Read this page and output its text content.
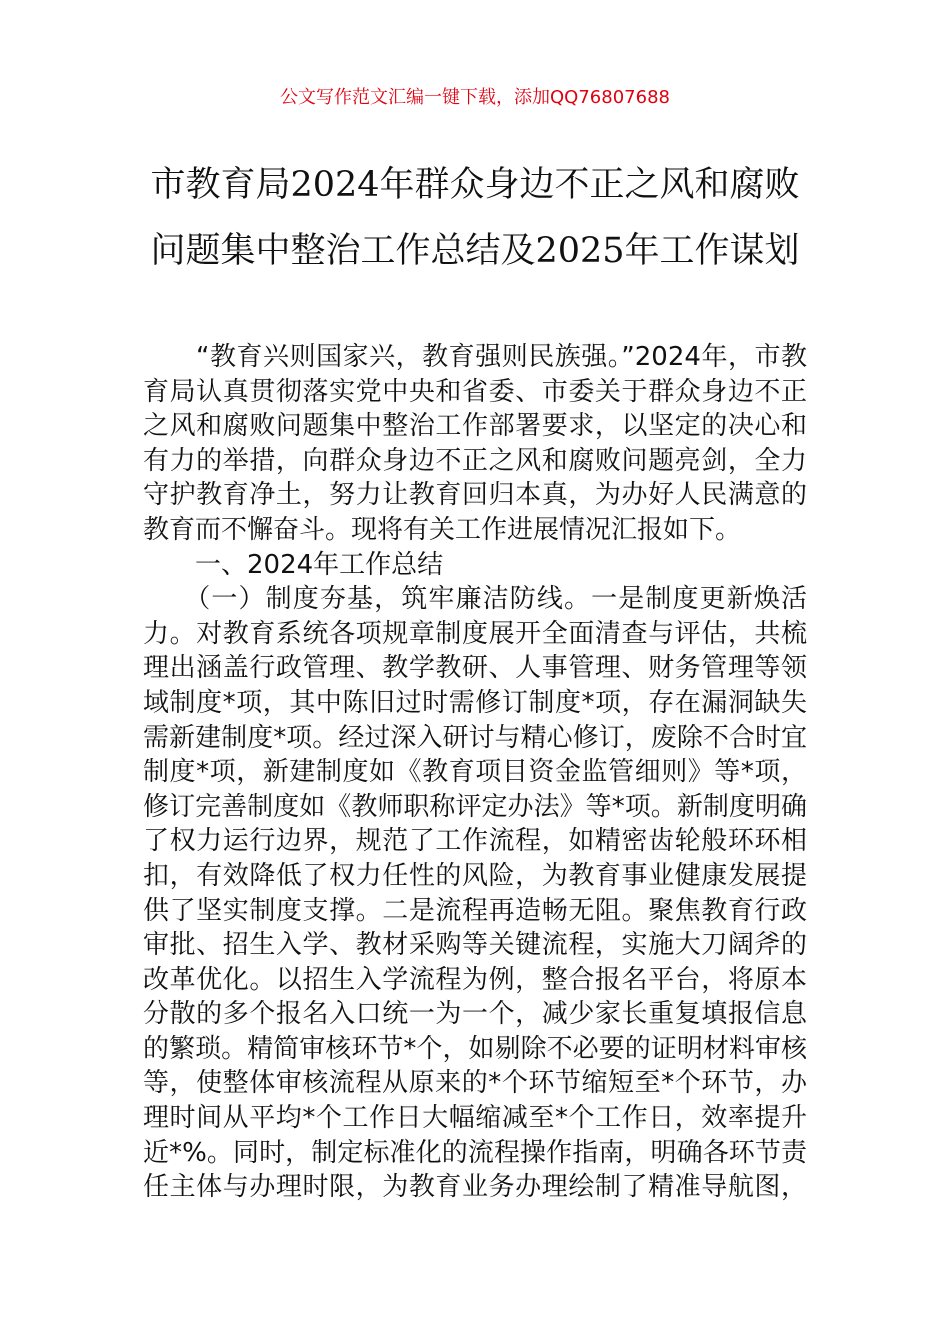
公文写作范文汇编一键下载，添加QQ76807688
市教育局2024年群众身边不正之风和腐败
问题集中整治工作总结及2025年工作谋划

　　“教育兴则国家兴，教育强则民族强。”2024年，市教
育局认真贯彻落实党中央和省委、市委关于群众身边不正
之风和腐败问题集中整治工作部署要求，以坚定的决心和
有力的举措，向群众身边不正之风和腐败问题亮剑，全力
守护教育净土，努力让教育回归本真，为办好人民满意的
教育而不懈奋斗。现将有关工作进展情况汇报如下。

　　一、2024年工作总结

　　（一）制度夯基，筑牢廉洁防线。一是制度更新焕活
力。对教育系统各项规章制度展开全面清查与评估，共梳
理出涵盖行政管理、教学教研、人事管理、财务管理等领
域制度*项，其中陈旧过时需修订制度*项，存在漏洞缺失
需新建制度*项。经过深入研讨与精心修订，废除不合时宜
制度*项，新建制度如《教育项目资金监管细则》等*项，
修订完善制度如《教师职称评定办法》等*项。新制度明确
了权力运行边界，规范了工作流程，如精密齿轮般环环相
扣，有效降低了权力任性的风险，为教育事业健康发展提
供了坚实制度支撑。二是流程再造畅无阻。聚焦教育行政
审批、招生入学、教材采购等关键流程，实施大刀阔斧的
改革优化。以招生入学流程为例，整合报名平台，将原本
分散的多个报名入口统一为一个，减少家长重复填报信息
的繁琐。精简审核环节*个，如剔除不必要的证明材料审核
等，使整体审核流程从原来的*个环节缩短至*个环节，办
理时间从平均*个工作日大幅缩减至*个工作日，效率提升
近*%。同时，制定标准化的流程操作指南，明确各环节责
任主体与办理时限，为教育业务办理绘制了精准导航图，
